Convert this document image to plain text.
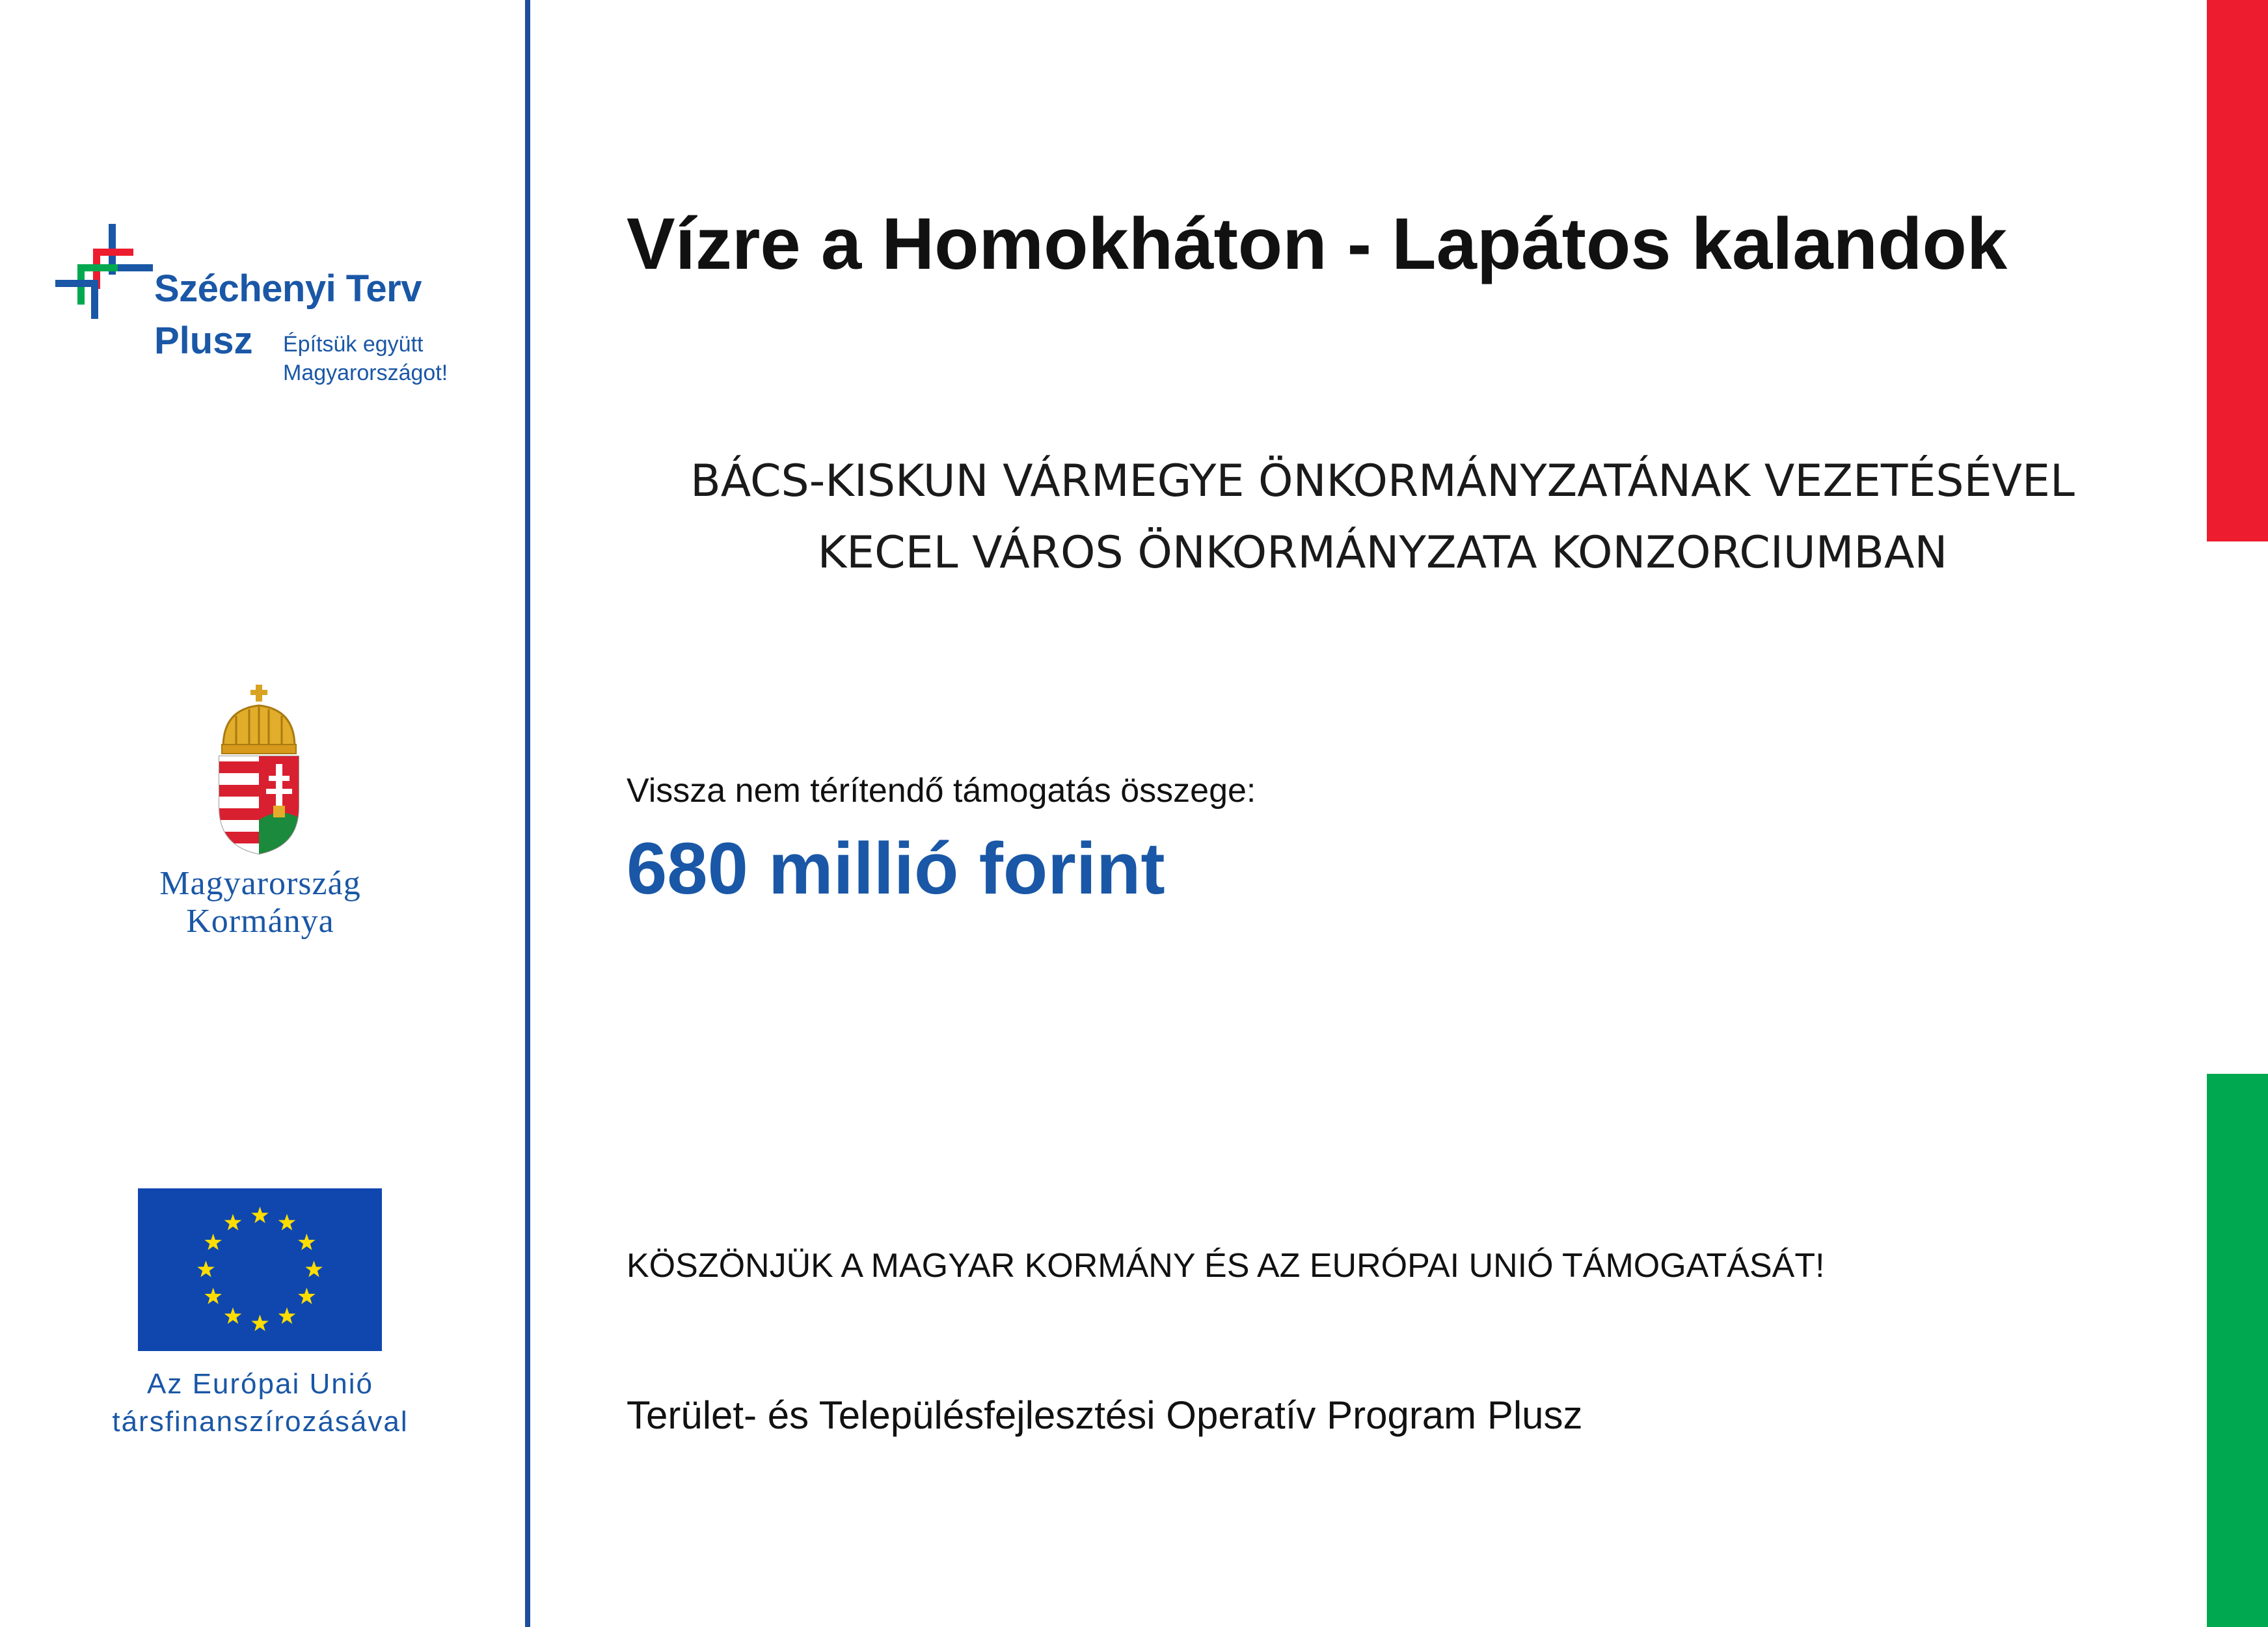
Széchenyi Terv
Plusz Építsük együtt
Magyarországot!
Magyarország
Kormánya
Az Európai Unió
társfinanszírozásával
Vízre a Homokháton - Lapátos kalandok
BÁCS-KISKUN VÁRMEGYE ÖNKORMÁNYZATÁNAK VEZETÉSÉVEL
KECEL VÁROS ÖNKORMÁNYZATA KONZORCIUMBAN
Vissza nem térítendő támogatás összege:
680 millió forint
KÖSZÖNJÜK A MAGYAR KORMÁNY ÉS AZ EURÓPAI UNIÓ TÁMOGATÁSÁT!
Terület- és Településfejlesztési Operatív Program Plusz
